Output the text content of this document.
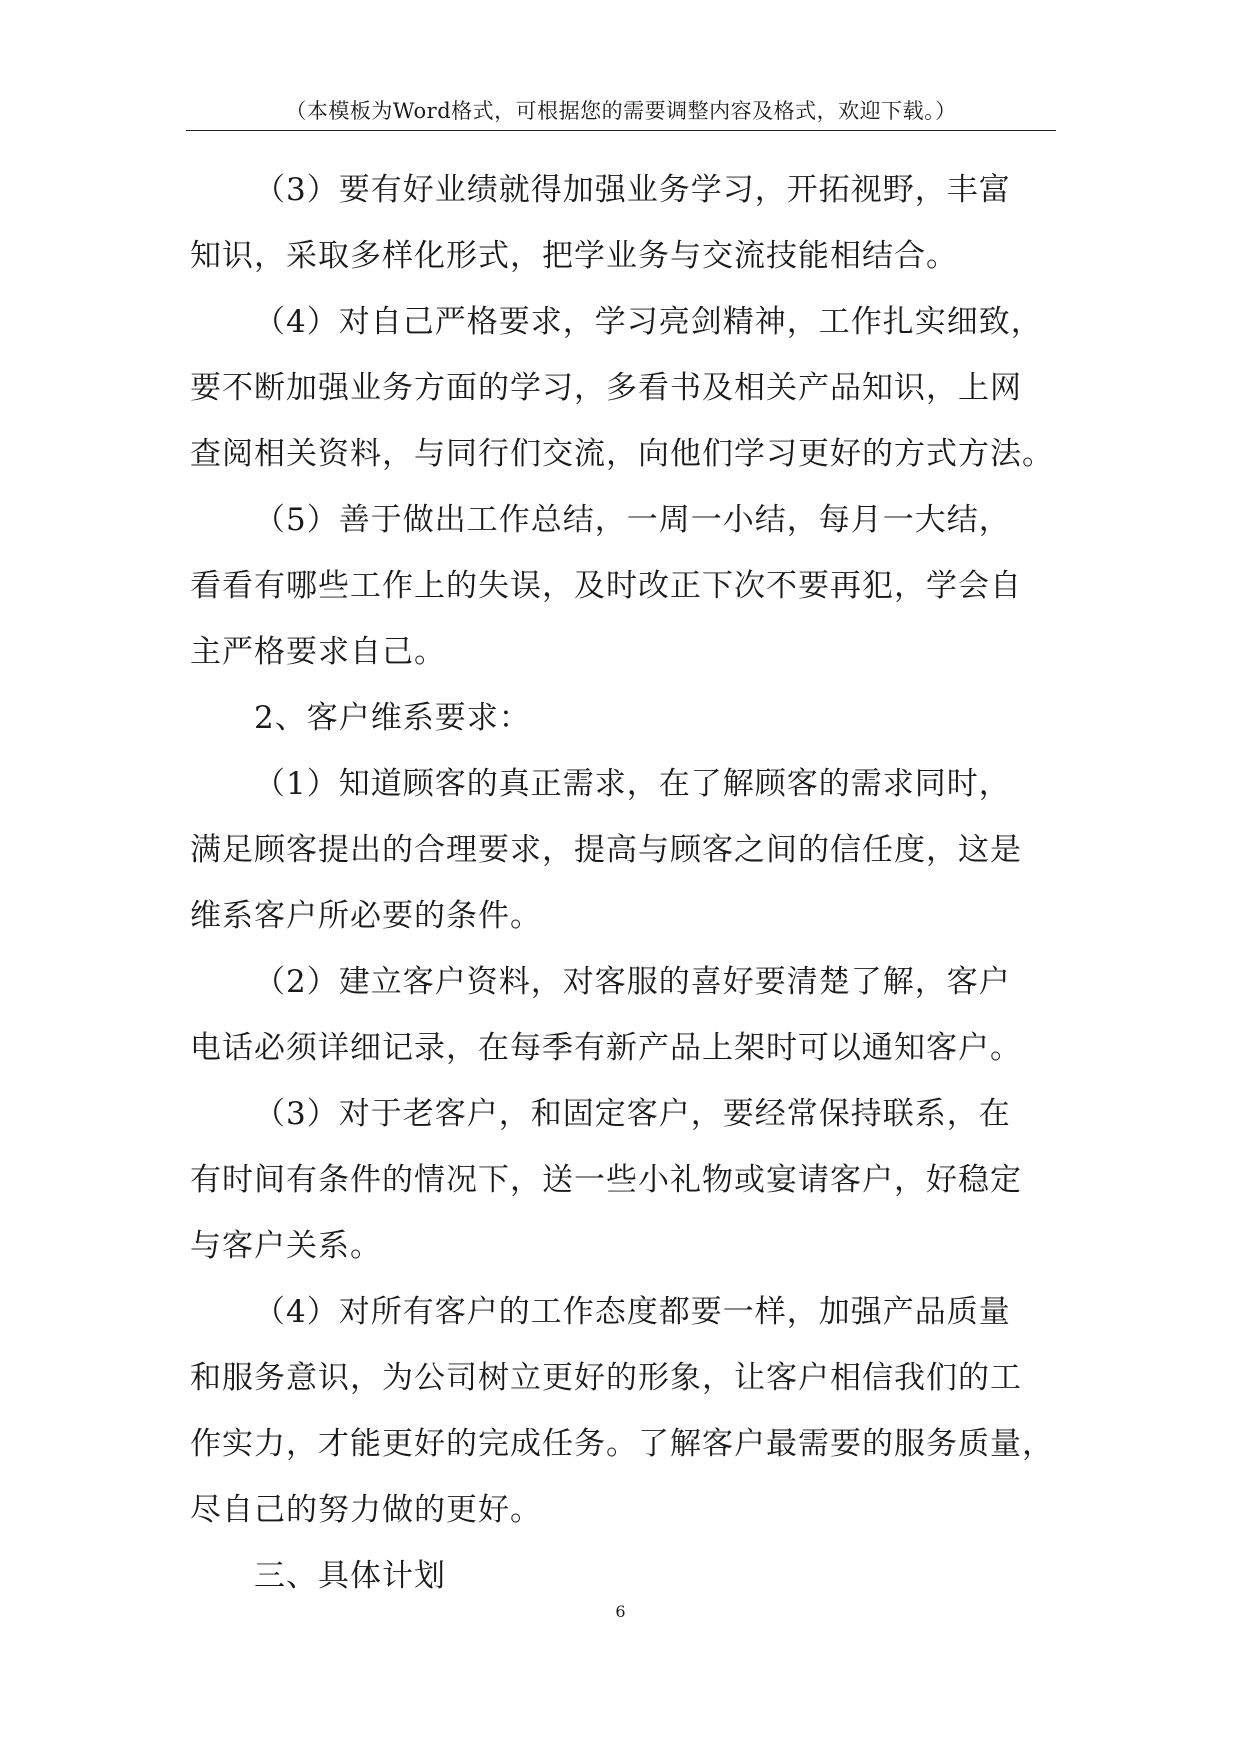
（本模板为Word格式，可根据您的需要调整内容及格式，欢迎下载。）
（3）要有好业绩就得加强业务学习，开拓视野，丰富
知识，采取多样化形式，把学业务与交流技能相结合。
（4）对自己严格要求，学习亮剑精神，工作扎实细致，
要不断加强业务方面的学习，多看书及相关产品知识，上网
查阅相关资料，与同行们交流，向他们学习更好的方式方法。
（5）善于做出工作总结，一周一小结，每月一大结，
看看有哪些工作上的失误，及时改正下次不要再犯，学会自
主严格要求自己。
2、客户维系要求：
（1）知道顾客的真正需求，在了解顾客的需求同时，
满足顾客提出的合理要求，提高与顾客之间的信任度，这是
维系客户所必要的条件。
（2）建立客户资料，对客服的喜好要清楚了解，客户
电话必须详细记录，在每季有新产品上架时可以通知客户。
（3）对于老客户，和固定客户，要经常保持联系，在
有时间有条件的情况下，送一些小礼物或宴请客户，好稳定
与客户关系。
（4）对所有客户的工作态度都要一样，加强产品质量
和服务意识，为公司树立更好的形象，让客户相信我们的工
作实力，才能更好的完成任务。了解客户最需要的服务质量，
尽自己的努力做的更好。
三、具体计划
6
